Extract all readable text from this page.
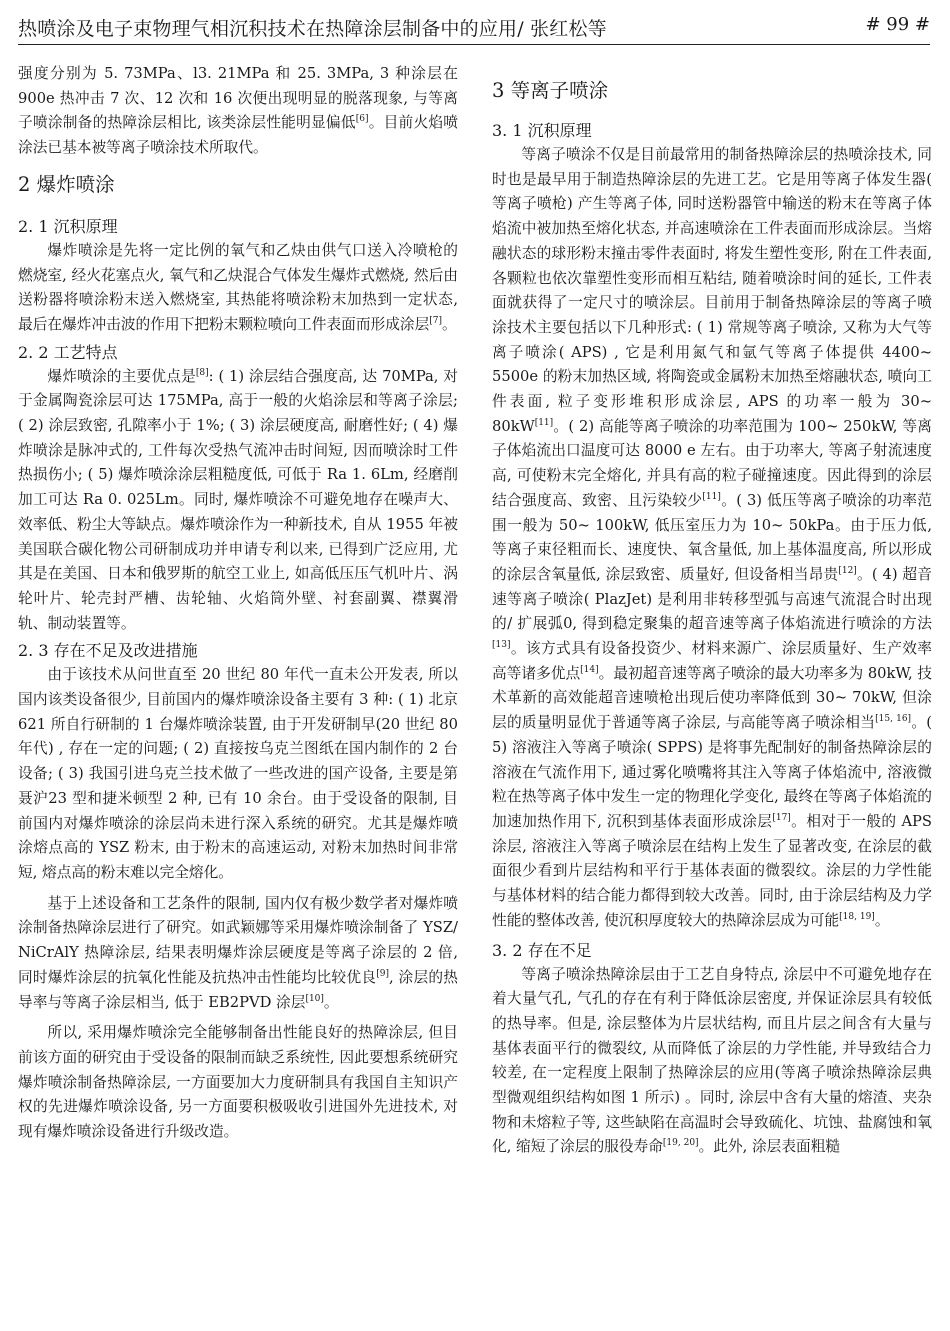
热喷涂及电子束物理气相沉积技术在热障涂层制备中的应用/ 张红松等	# 99 #

强度分别为 5. 73MPa、l3. 21MPa 和 25. 3MPa, 3 种涂层在 900e 热冲击 7 次、12 次和 16 次便出现明显的脱落现象, 与等离子喷涂制备的热障涂层相比, 该类涂层性能明显偏低[6]。目前火焰喷涂法已基本被等离子喷涂技术所取代。

2 爆炸喷涂
2. 1 沉积原理

爆炸喷涂是先将一定比例的氧气和乙炔由供气口送入冷喷枪的燃烧室, 经火花塞点火, 氧气和乙炔混合气体发生爆炸式燃烧, 然后由送粉器将喷涂粉末送入燃烧室, 其热能将喷涂粉末加热到一定状态, 最后在爆炸冲击波的作用下把粉末颗粒喷向工件表面而形成涂层[7]。

2. 2 工艺特点

爆炸喷涂的主要优点是[8]: ( 1) 涂层结合强度高, 达 70MPa, 对于金属陶瓷涂层可达 175MPa, 高于一般的火焰涂层和等离子涂层; ( 2) 涂层致密, 孔隙率小于 1%; ( 3) 涂层硬度高, 耐磨性好; ( 4) 爆炸喷涂是脉冲式的, 工件每次受热气流冲击时间短, 因而喷涂时工件热损伤小; ( 5) 爆炸喷涂涂层粗糙度低, 可低于 Ra 1. 6Lm, 经磨削加工可达 Ra 0. 025Lm。同时, 爆炸喷涂不可避免地存在噪声大、效率低、粉尘大等缺点。爆炸喷涂作为一种新技术, 自从 1955 年被美国联合碳化物公司研制成功并申请专利以来, 已得到广泛应用, 尤其是在美国、日本和俄罗斯的航空工业上, 如高低压压气机叶片、涡轮叶片、轮壳封严槽、齿轮轴、火焰筒外壁、衬套副翼、襟翼滑轨、制动装置等。

2. 3 存在不足及改进措施

由于该技术从问世直至 20 世纪 80 年代一直未公开发表, 所以国内该类设备很少, 目前国内的爆炸喷涂设备主要有 3 种: ( 1) 北京 621 所自行研制的 1 台爆炸喷涂装置, 由于开发研制早(20 世纪 80 年代) , 存在一定的问题; ( 2) 直接按乌克兰图纸在国内制作的 2 台设备; ( 3) 我国引进乌克兰技术做了一些改进的国产设备, 主要是第聂沪23 型和捷米顿型 2 种, 已有 10 余台。由于受设备的限制, 目前国内对爆炸喷涂的涂层尚未进行深入系统的研究。尤其是爆炸喷涂熔点高的 YSZ 粉末, 由于粉末的高速运动, 对粉末加热时间非常短, 熔点高的粉末难以完全熔化。

基于上述设备和工艺条件的限制, 国内仅有极少数学者对爆炸喷涂制备热障涂层进行了研究。如武颖娜等采用爆炸喷涂制备了 YSZ/ NiCrAlY 热障涂层, 结果表明爆炸涂层硬度是等离子涂层的 2 倍, 同时爆炸涂层的抗氧化性能及抗热冲击性能均比较优良[9], 涂层的热导率与等离子涂层相当, 低于 EB2PVD 涂层[10]。

所以, 采用爆炸喷涂完全能够制备出性能良好的热障涂层, 但目前该方面的研究由于受设备的限制而缺乏系统性, 因此要想系统研究爆炸喷涂制备热障涂层, 一方面要加大力度研制具有我国自主知识产权的先进爆炸喷涂设备, 另一方面要积极吸收引进国外先进技术, 对现有爆炸喷涂设备进行升级改造。

3 等离子喷涂
3. 1 沉积原理

等离子喷涂不仅是目前最常用的制备热障涂层的热喷涂技术, 同时也是最早用于制造热障涂层的先进工艺。它是用等离子体发生器( 等离子喷枪) 产生等离子体, 同时送粉器管中输送的粉末在等离子体焰流中被加热至熔化状态, 并高速喷涂在工件表面而形成涂层。当熔融状态的球形粉末撞击零件表面时, 将发生塑性变形, 附在工件表面, 各颗粒也依次靠塑性变形而相互粘结, 随着喷涂时间的延长, 工件表面就获得了一定尺寸的喷涂层。目前用于制备热障涂层的等离子喷涂技术主要包括以下几种形式: ( 1) 常规等离子喷涂, 又称为大气等离子喷涂( APS) , 它是利用氮气和氩气等离子体提供 4400~ 5500e 的粉末加热区域, 将陶瓷或金属粉末加热至熔融状态, 喷向工件表面, 粒子变形堆积形成涂层, APS 的功率一般为 30~ 80kW[11]。( 2) 高能等离子喷涂的功率范围为 100~ 250kW, 等离子体焰流出口温度可达 8000 e 左右。由于功率大, 等离子射流速度高, 可使粉末完全熔化, 并具有高的粒子碰撞速度。因此得到的涂层结合强度高、致密、且污染较少[11]。( 3) 低压等离子喷涂的功率范围一般为 50~ 100kW, 低压室压力为 10~ 50kPa。由于压力低, 等离子束径粗而长、速度快、氧含量低, 加上基体温度高, 所以形成的涂层含氧量低, 涂层致密、质量好, 但设备相当昂贵[12]。( 4) 超音速等离子喷涂( PlazJet) 是利用非转移型弧与高速气流混合时出现的/ 扩展弧0, 得到稳定聚集的超音速等离子体焰流进行喷涂的方法[13]。该方式具有设备投资少、材料来源广、涂层质量好、生产效率高等诸多优点[14]。最初超音速等离子喷涂的最大功率多为 80kW, 技术革新的高效能超音速喷枪出现后使功率降低到 30~ 70kW, 但涂层的质量明显优于普通等离子涂层, 与高能等离子喷涂相当[15, 16]。( 5) 溶液注入等离子喷涂( SPPS) 是将事先配制好的制备热障涂层的溶液在气流作用下, 通过雾化喷嘴将其注入等离子体焰流中, 溶液微粒在热等离子体中发生一定的物理化学变化, 最终在等离子体焰流的加速加热作用下, 沉积到基体表面形成涂层[17]。相对于一般的 APS 涂层, 溶液注入等离子喷涂层在结构上发生了显著改变, 在涂层的截面很少看到片层结构和平行于基体表面的微裂纹。涂层的力学性能与基体材料的结合能力都得到较大改善。同时, 由于涂层结构及力学性能的整体改善, 使沉积厚度较大的热障涂层成为可能[18, 19]。

3. 2 存在不足

等离子喷涂热障涂层由于工艺自身特点, 涂层中不可避免地存在着大量气孔, 气孔的存在有利于降低涂层密度, 并保证涂层具有较低的热导率。但是, 涂层整体为片层状结构, 而且片层之间含有大量与基体表面平行的微裂纹, 从而降低了涂层的力学性能, 并导致结合力较差, 在一定程度上限制了热障涂层的应用(等离子喷涂热障涂层典型微观组织结构如图 1 所示) 。同时, 涂层中含有大量的熔渣、夹杂物和未熔粒子等, 这些缺陷在高温时会导致硫化、坑蚀、盐腐蚀和氧化, 缩短了涂层的服役寿命[19, 20]。此外, 涂层表面粗糙
